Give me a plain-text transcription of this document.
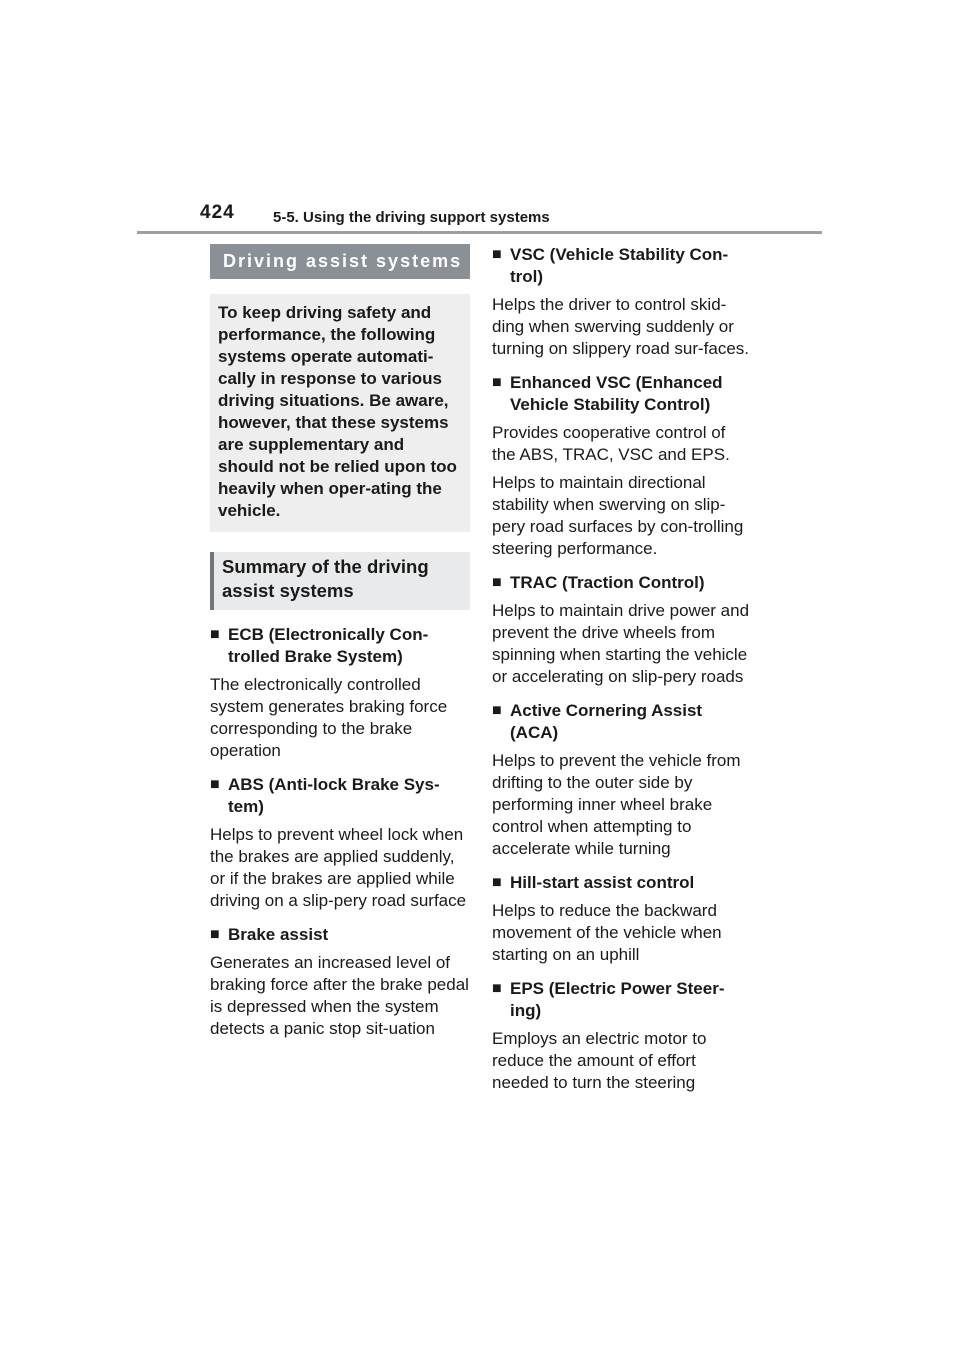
424	5-5. Using the driving support systems
Driving assist systems
To keep driving safety and performance, the following systems operate automati-cally in response to various driving situations. Be aware, however, that these systems are supplementary and should not be relied upon too heavily when oper-ating the vehicle.
Summary of the driving assist systems
■ ECB (Electronically Con-trolled Brake System)

The electronically controlled system generates braking force corresponding to the brake operation

■ ABS (Anti-lock Brake Sys-tem)

Helps to prevent wheel lock when the brakes are applied suddenly, or if the brakes are applied while driving on a slip-pery road surface

■ Brake assist

Generates an increased level of braking force after the brake pedal is depressed when the system detects a panic stop sit-uation

■ VSC (Vehicle Stability Con-trol)

Helps the driver to control skid-ding when swerving suddenly or turning on slippery road sur-faces.

■ Enhanced VSC (Enhanced Vehicle Stability Control)

Provides cooperative control of the ABS, TRAC, VSC and EPS.

Helps to maintain directional stability when swerving on slip-pery road surfaces by con-trolling steering performance.

■ TRAC (Traction Control)

Helps to maintain drive power and prevent the drive wheels from spinning when starting the vehicle or accelerating on slip-pery roads

■ Active Cornering Assist (ACA)

Helps to prevent the vehicle from drifting to the outer side by performing inner wheel brake control when attempting to accelerate while turning

■ Hill-start assist control

Helps to reduce the backward movement of the vehicle when starting on an uphill

■ EPS (Electric Power Steer-ing)

Employs an electric motor to reduce the amount of effort needed to turn the steering
